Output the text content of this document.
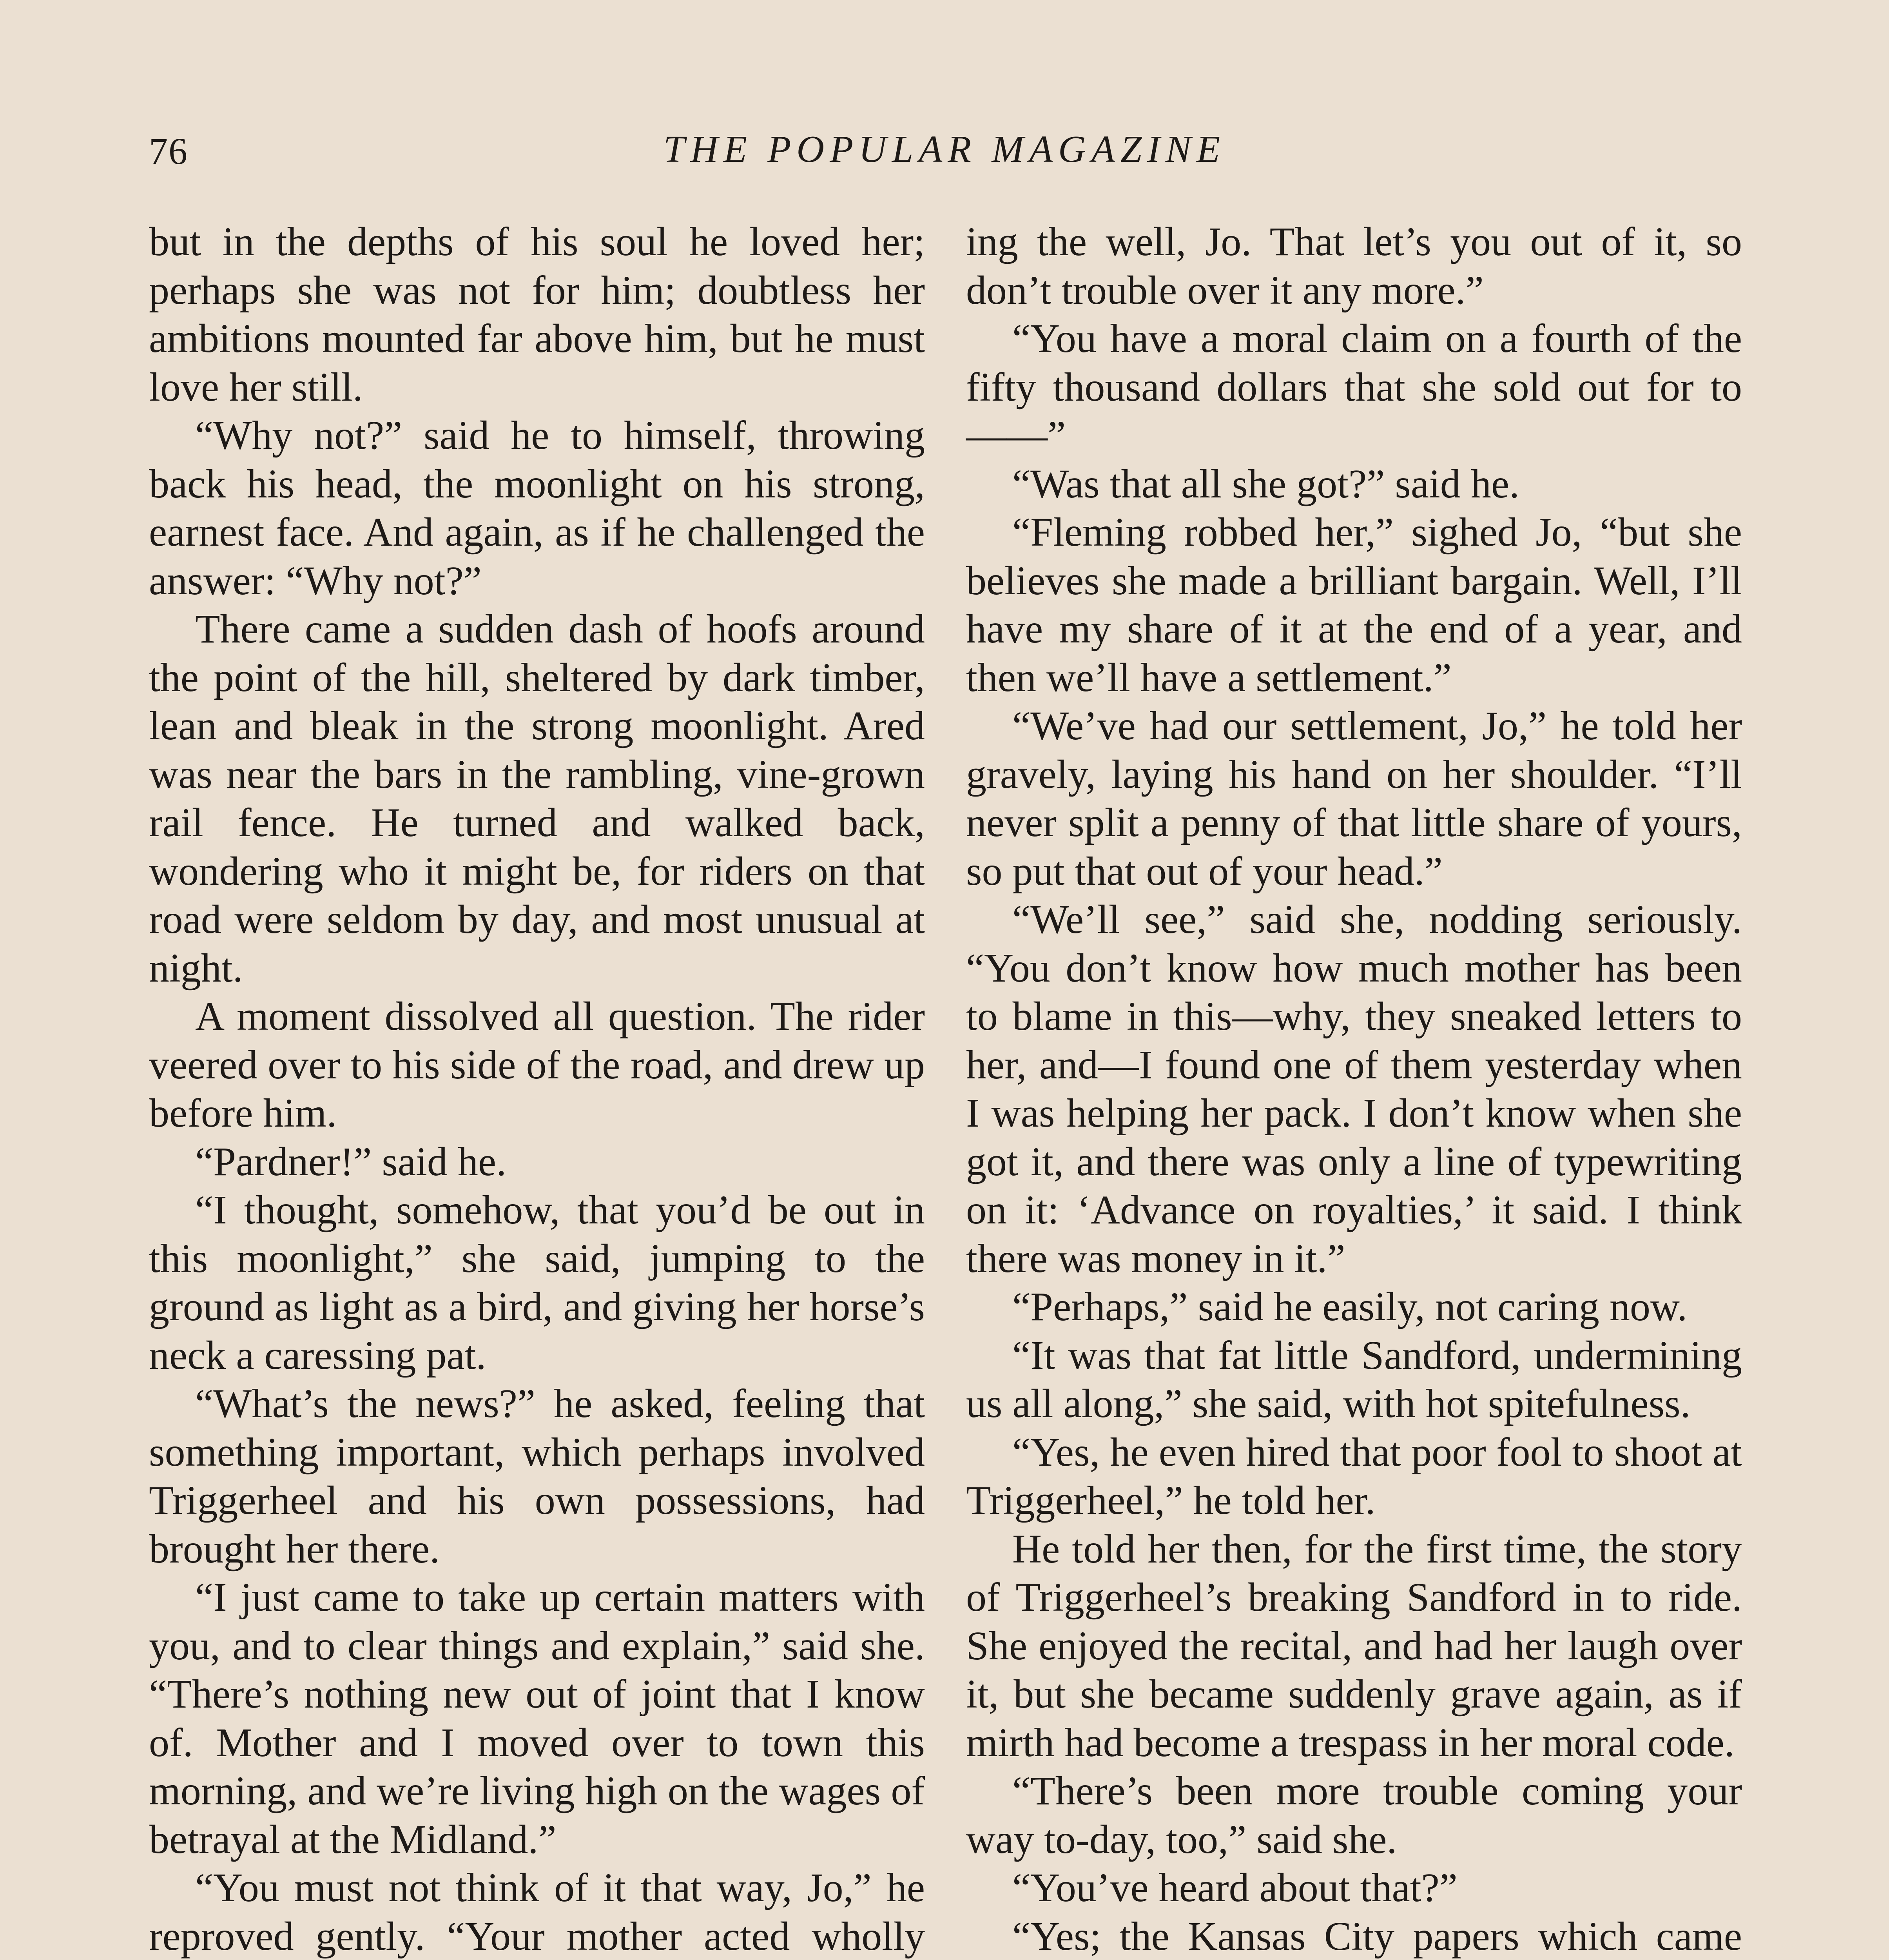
76	THE POPULAR MAGAZINE

but in the depths of his soul he loved her; perhaps she was not for him; doubtless her ambitions mounted far above him, but he must love her still.

“Why not?” said he to himself, throwing back his head, the moonlight on his strong, earnest face. And again, as if he challenged the answer: “Why not?”

There came a sudden dash of hoofs around the point of the hill, sheltered by dark timber, lean and bleak in the strong moonlight. Ared was near the bars in the rambling, vine-grown rail fence. He turned and walked back, wondering who it might be, for riders on that road were seldom by day, and most unusual at night.

A moment dissolved all question. The rider veered over to his side of the road, and drew up before him.

“Pardner!” said he.

“I thought, somehow, that you’d be out in this moonlight,” she said, jumping to the ground as light as a bird, and giving her horse’s neck a caressing pat.

“What’s the news?” he asked, feeling that something important, which perhaps involved Triggerheel and his own possessions, had brought her there.

“I just came to take up certain matters with you, and to clear things and explain,” said she. “There’s nothing new out of joint that I know of. Mother and I moved over to town this morning, and we’re living high on the wages of betrayal at the Midland.”

“You must not think of it that way, Jo,” he reproved gently. “Your mother acted wholly

ing the well, Jo. That let’s you out of it, so don’t trouble over it any more.”

“You have a moral claim on a fourth of the fifty thousand dollars that she sold out for to——”

“Was that all she got?” said he.

“Fleming robbed her,” sighed Jo, “but she believes she made a brilliant bargain. Well, I’ll have my share of it at the end of a year, and then we’ll have a settlement.”

“We’ve had our settlement, Jo,” he told her gravely, laying his hand on her shoulder. “I’ll never split a penny of that little share of yours, so put that out of your head.”

“We’ll see,” said she, nodding seriously. “You don’t know how much mother has been to blame in this—why, they sneaked letters to her, and—I found one of them yesterday when I was helping her pack. I don’t know when she got it, and there was only a line of typewriting on it: ‘Advance on royalties,’ it said. I think there was money in it.”

“Perhaps,” said he easily, not caring now.

“It was that fat little Sandford, undermining us all along,” she said, with hot spitefulness.

“Yes, he even hired that poor fool to shoot at Triggerheel,” he told her.

He told her then, for the first time, the story of Triggerheel’s breaking Sandford in to ride. She enjoyed the recital, and had her laugh over it, but she became suddenly grave again, as if mirth had become a trespass in her moral code.

“There’s been more trouble coming your way to-day, too,” said she.

“You’ve heard about that?”

“Yes; the Kansas City papers which came
